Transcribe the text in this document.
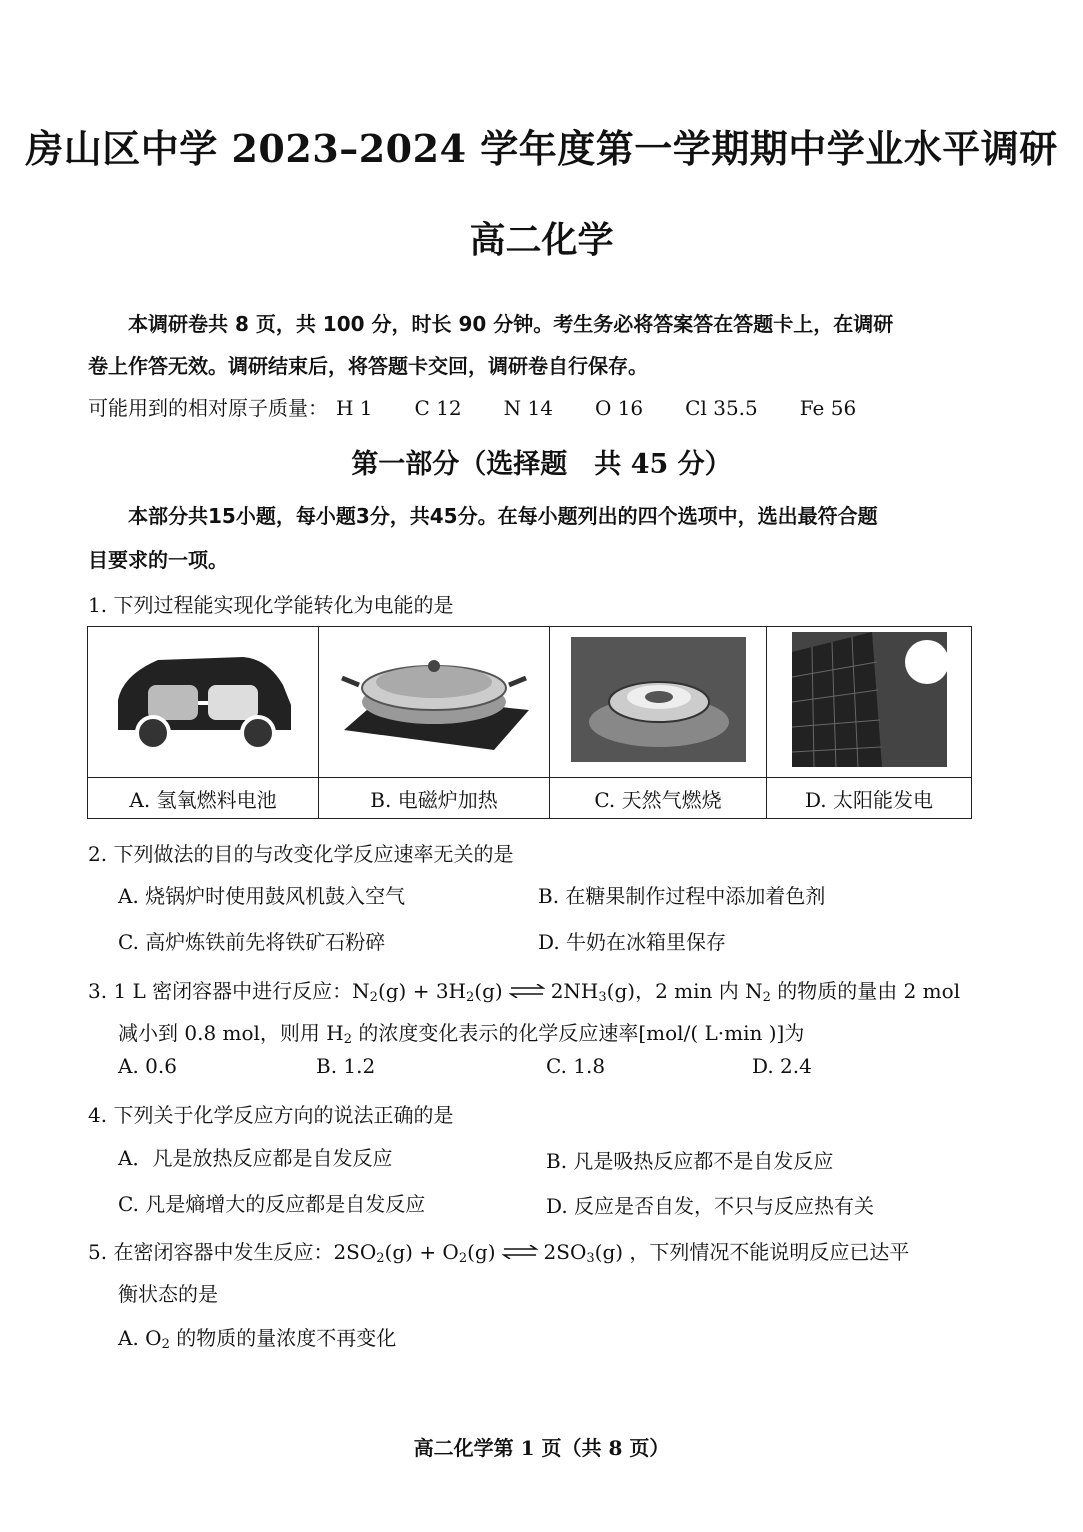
房山区中学 2023–2024 学年度第一学期期中学业水平调研
高二化学
本调研卷共 8 页，共 100 分，时长 90 分钟。考生务必将答案答在答题卡上，在调研
卷上作答无效。调研结束后，将答题卡交回，调研卷自行保存。
可能用到的相对原子质量： H 1 C 12 N 14 O 16 Cl 35.5 Fe 56
第一部分（选择题　共 45 分）
本部分共15小题，每小题3分，共45分。在每小题列出的四个选项中，选出最符合题
目要求的一项。
1. 下列过程能实现化学能转化为电能的是

A. 氢氧燃料电池	B. 电磁炉加热	C. 天然气燃烧	D. 太阳能发电
2. 下列做法的目的与改变化学反应速率无关的是
A. 烧锅炉时使用鼓风机鼓入空气	B. 在糖果制作过程中添加着色剂
C. 高炉炼铁前先将铁矿石粉碎	D. 牛奶在冰箱里保存
3. 1 L 密闭容器中进行反应：$N_2(g) + 3H_2(g)$ ⇌ $2NH_3(g)$，2 min 内 $N_2$ 的物质的量由 2 mol
减小到 0.8 mol，则用 $H_2$ 的浓度变化表示的化学反应速率[mol/( L·min )]为
A. 0.6	B. 1.2	C. 1.8	D. 2.4
4. 下列关于化学反应方向的说法正确的是
A．凡是放热反应都是自发反应	B. 凡是吸热反应都不是自发反应
C. 凡是熵增大的反应都是自发反应	D. 反应是否自发，不只与反应热有关
5. 在密闭容器中发生反应：$2SO_2(g) + O_2(g)$ ⇌ $2SO_3(g)$ ，下列情况不能说明反应已达平
衡状态的是
A. $O_2$ 的物质的量浓度不再变化
高二化学第 1 页（共 8 页）
